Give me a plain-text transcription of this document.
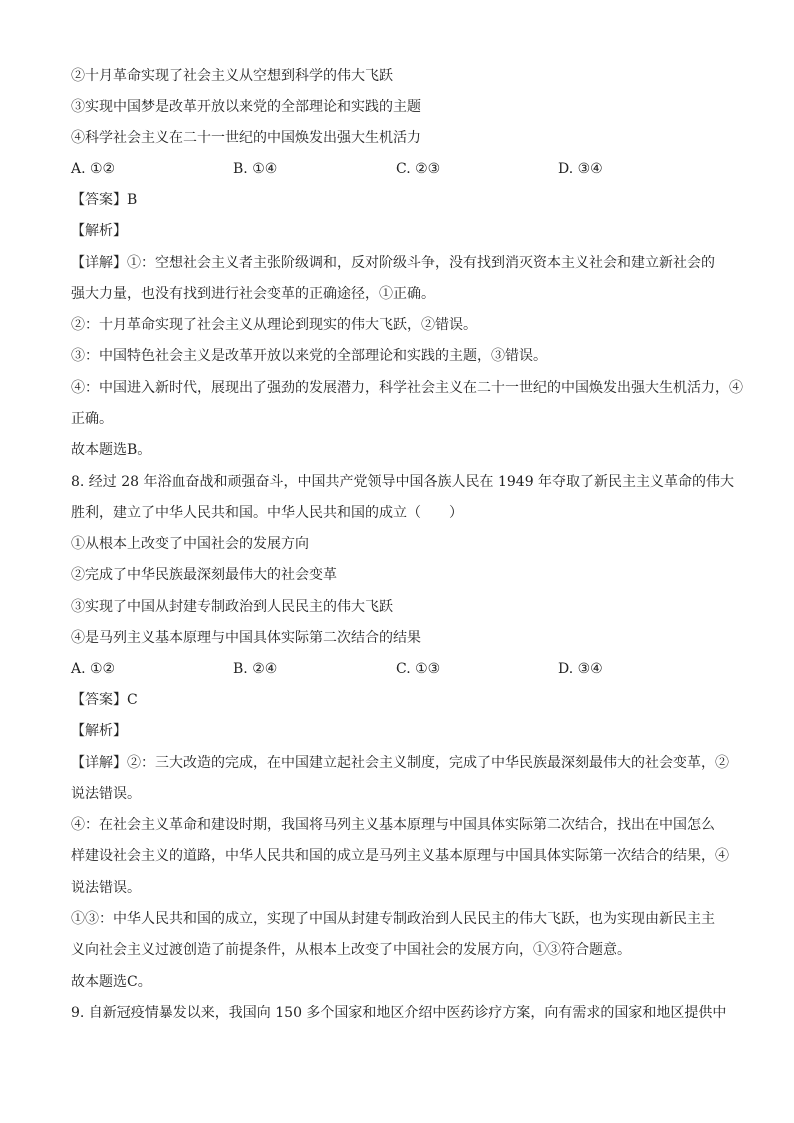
②十月革命实现了社会主义从空想到科学的伟大飞跃
③实现中国梦是改革开放以来党的全部理论和实践的主题
④科学社会主义在二十一世纪的中国焕发出强大生机活力
A. ①②	B. ①④	C. ②③	D. ③④
【答案】B
【解析】
【详解】①：空想社会主义者主张阶级调和，反对阶级斗争，没有找到消灭资本主义社会和建立新社会的
强大力量，也没有找到进行社会变革的正确途径，①正确。
②：十月革命实现了社会主义从理论到现实的伟大飞跃，②错误。
③：中国特色社会主义是改革开放以来党的全部理论和实践的主题，③错误。
④：中国进入新时代，展现出了强劲的发展潜力，科学社会主义在二十一世纪的中国焕发出强大生机活力，④
正确。
故本题选B。
8. 经过 28 年浴血奋战和顽强奋斗，中国共产党领导中国各族人民在 1949 年夺取了新民主主义革命的伟大
胜利，建立了中华人民共和国。中华人民共和国的成立（　　）
①从根本上改变了中国社会的发展方向
②完成了中华民族最深刻最伟大的社会变革
③实现了中国从封建专制政治到人民民主的伟大飞跃
④是马列主义基本原理与中国具体实际第二次结合的结果
A. ①②	B. ②④	C. ①③	D. ③④
【答案】C
【解析】
【详解】②：三大改造的完成，在中国建立起社会主义制度，完成了中华民族最深刻最伟大的社会变革，②
说法错误。
④：在社会主义革命和建设时期，我国将马列主义基本原理与中国具体实际第二次结合，找出在中国怎么
样建设社会主义的道路，中华人民共和国的成立是马列主义基本原理与中国具体实际第一次结合的结果，④
说法错误。
①③：中华人民共和国的成立，实现了中国从封建专制政治到人民民主的伟大飞跃，也为实现由新民主主
义向社会主义过渡创造了前提条件，从根本上改变了中国社会的发展方向，①③符合题意。
故本题选C。
9. 自新冠疫情暴发以来，我国向 150 多个国家和地区介绍中医药诊疗方案，向有需求的国家和地区提供中
